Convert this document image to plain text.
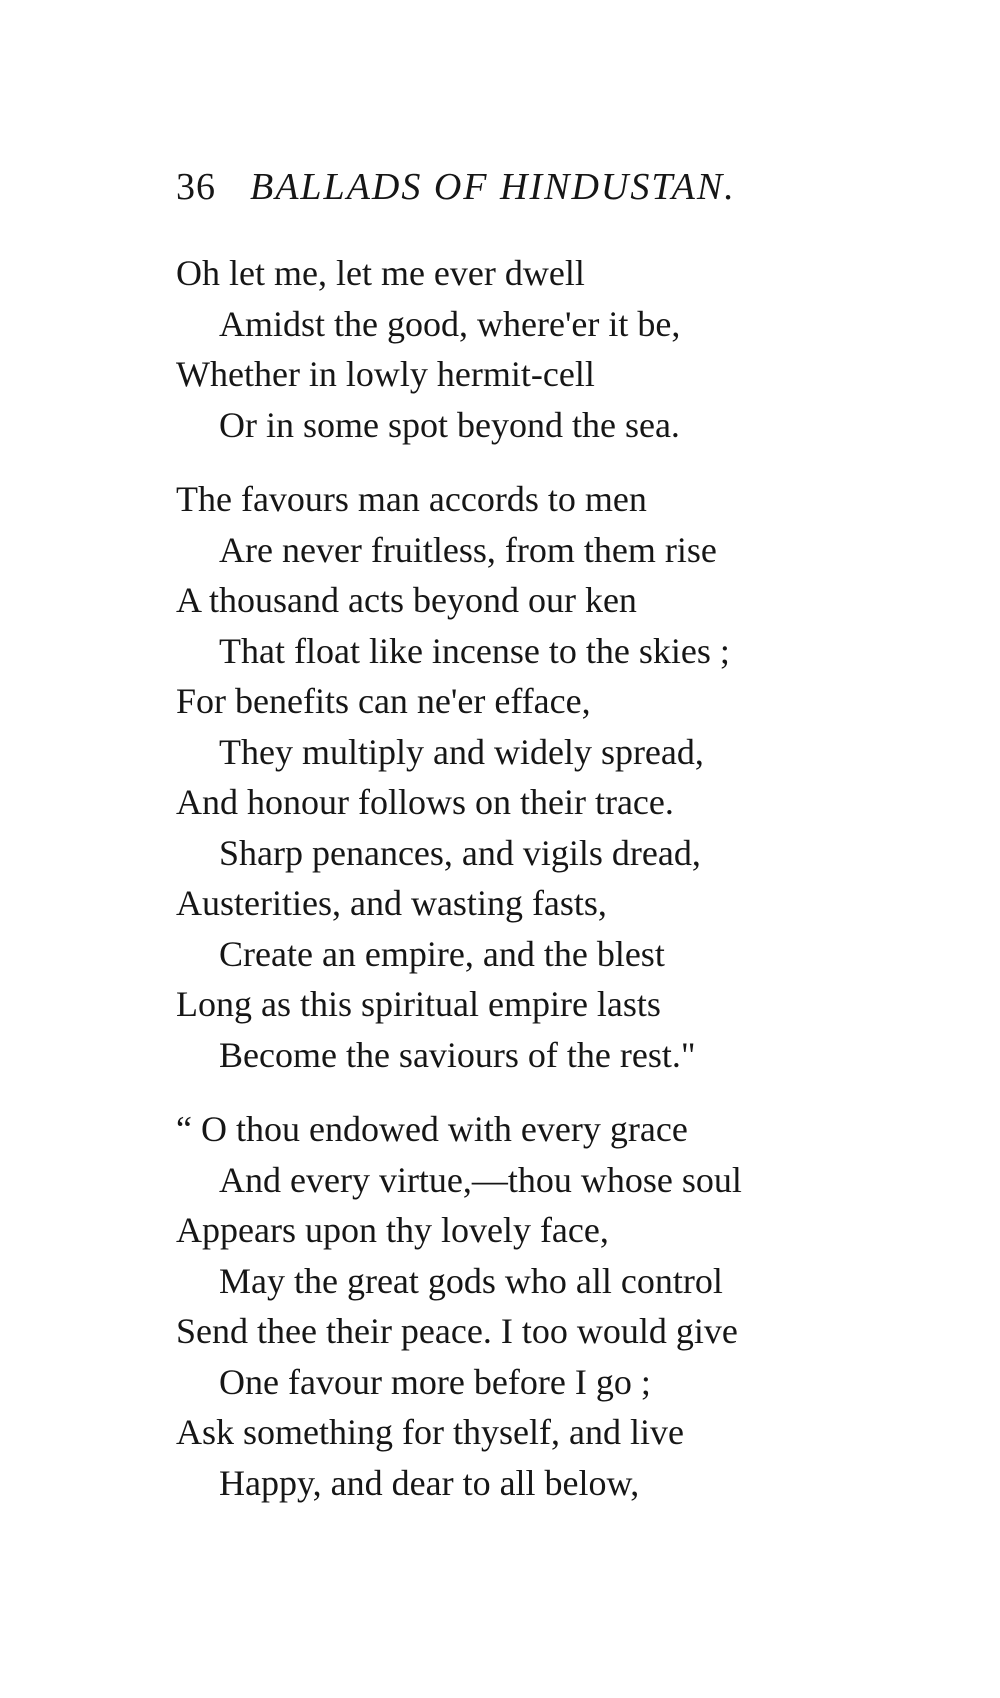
36 BALLADS OF HINDUSTAN.
Oh let me, let me ever dwell
Amidst the good, where'er it be,
Whether in lowly hermit-cell
Or in some spot beyond the sea.
The favours man accords to men
Are never fruitless, from them rise
A thousand acts beyond our ken
That float like incense to the skies ;
For benefits can ne'er efface,
They multiply and widely spread,
And honour follows on their trace.
Sharp penances, and vigils dread,
Austerities, and wasting fasts,
Create an empire, and the blest
Long as this spiritual empire lasts
Become the saviours of the rest."
“ O thou endowed with every grace
And every virtue,—thou whose soul
Appears upon thy lovely face,
May the great gods who all control
Send thee their peace. I too would give
One favour more before I go ;
Ask something for thyself, and live
Happy, and dear to all below,
